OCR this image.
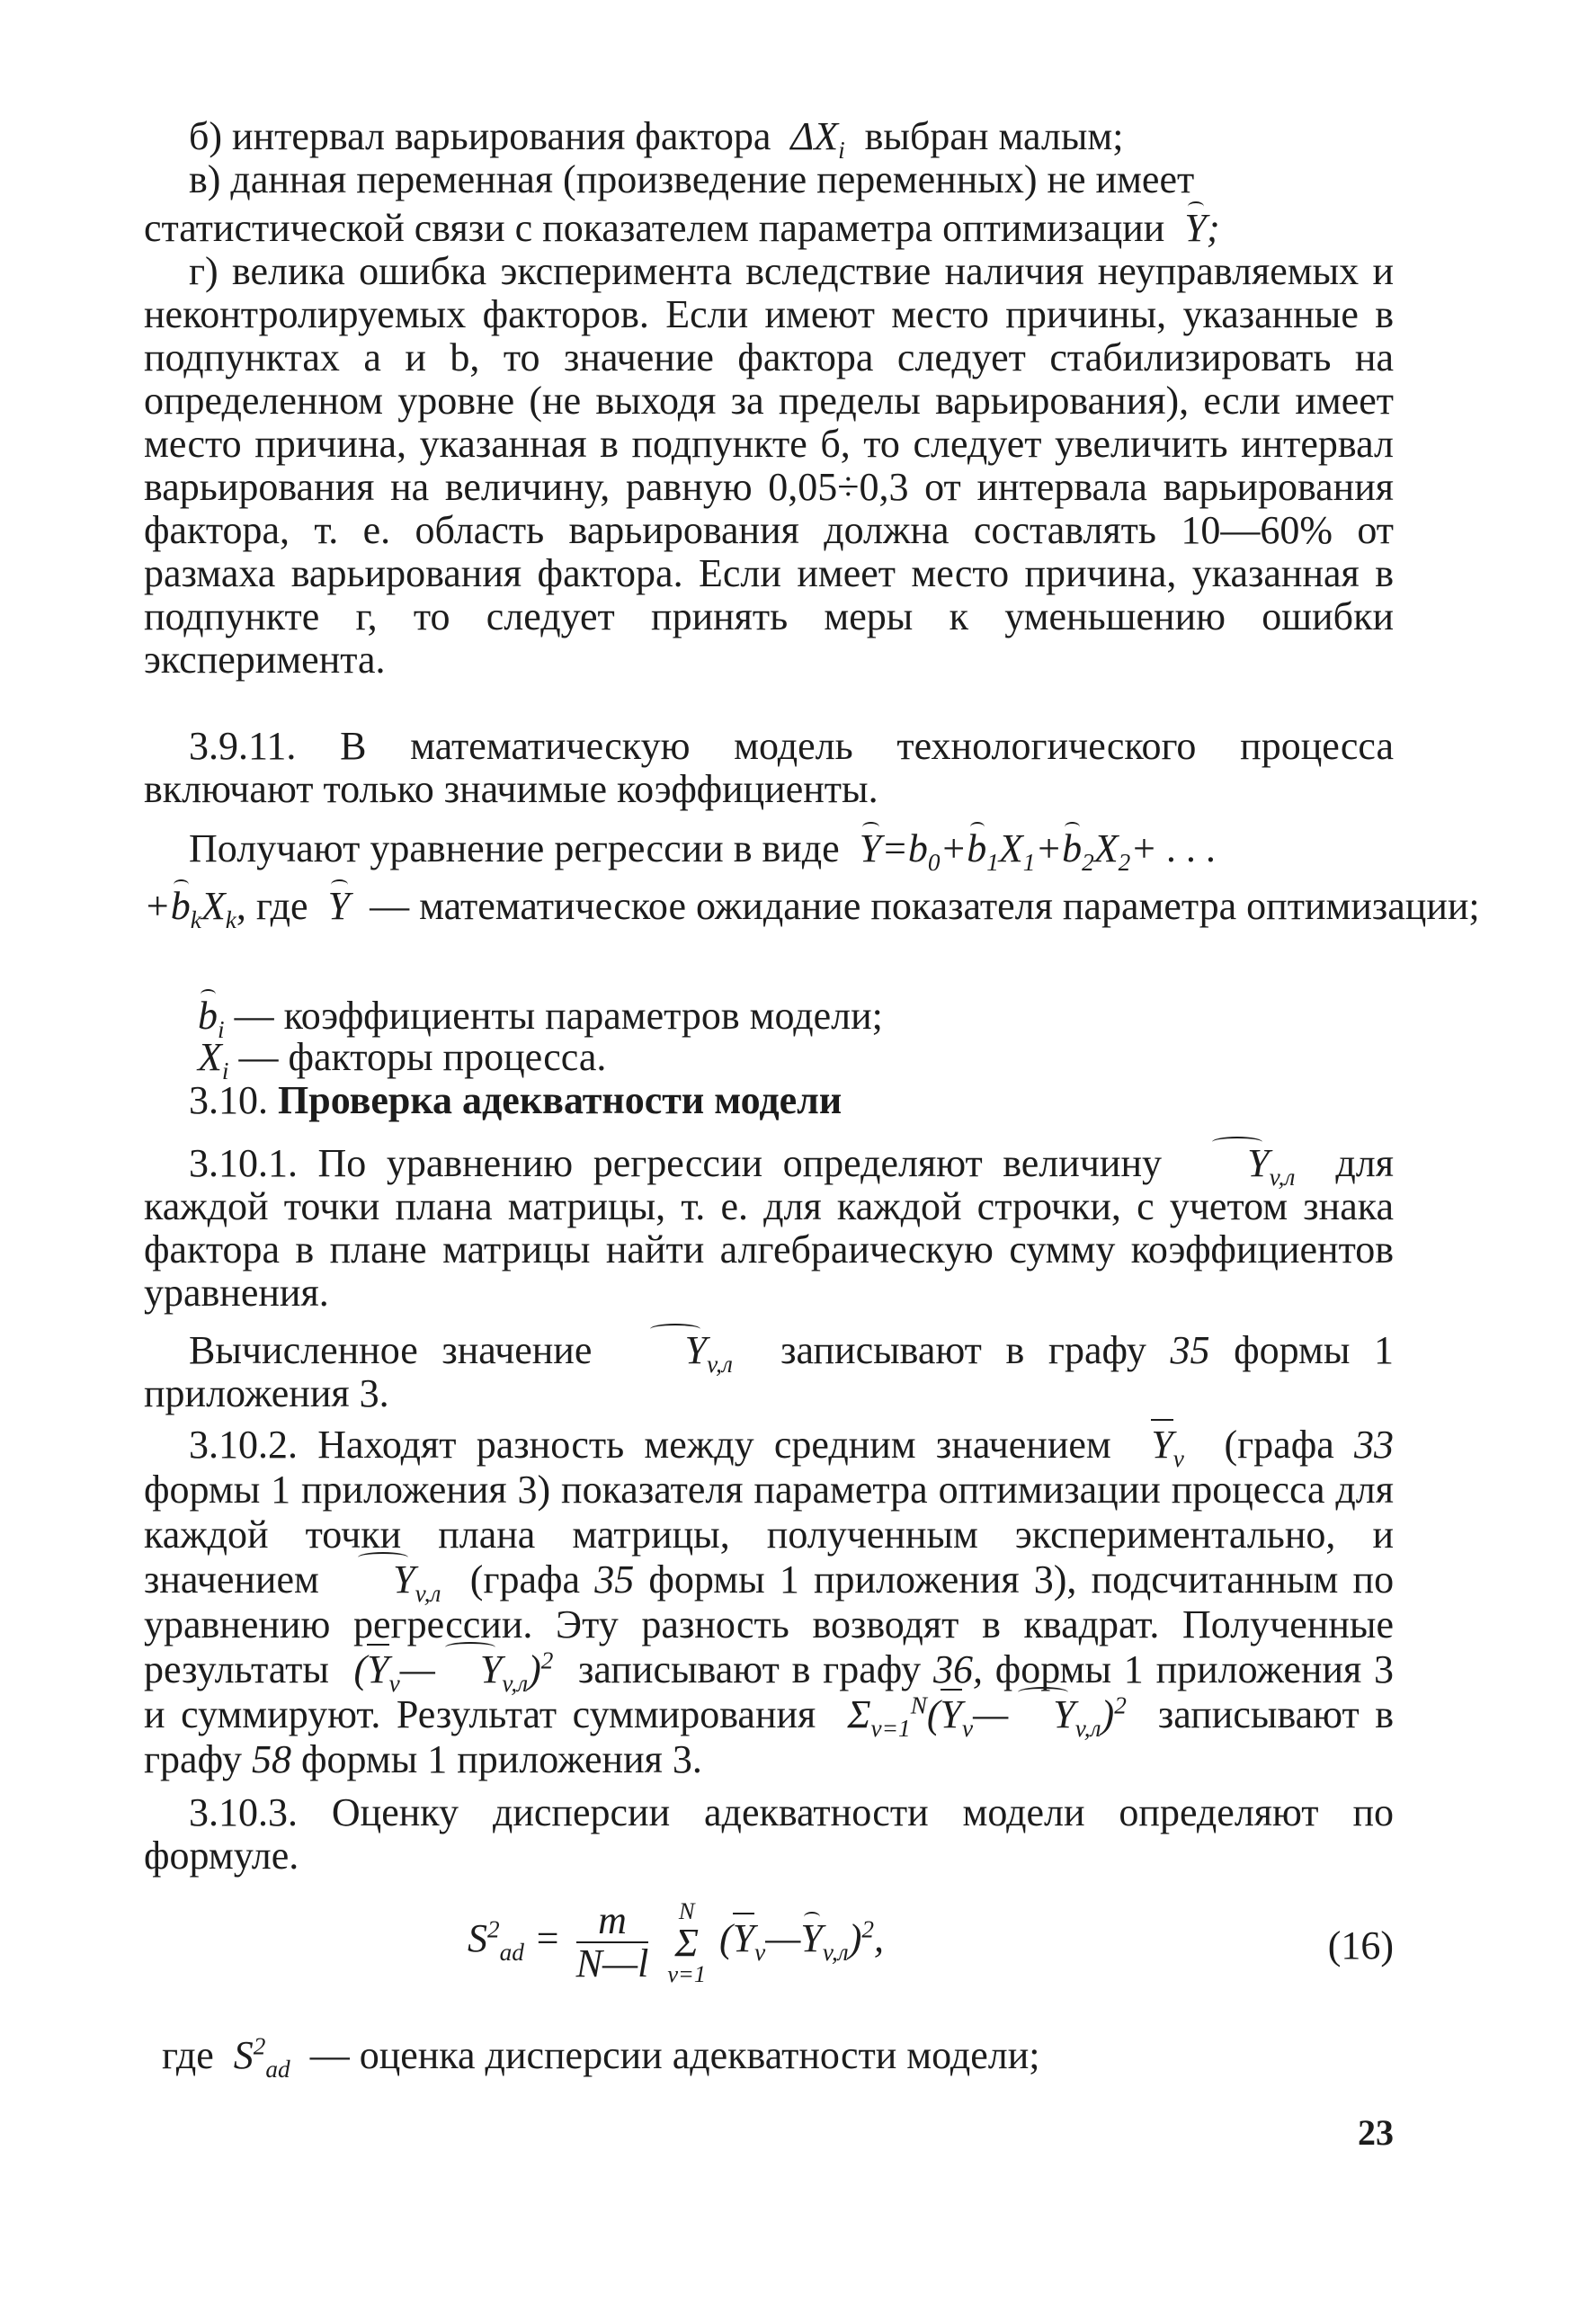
б) интервал варьирования фактора  $\Delta X_i$ выбран малым;
в) данная переменная (произведение переменных) не имеет
статистической связи с показателем параметра оптимизации Y;
г) велика ошибка эксперимента вследствие наличия неуправляемых и неконтролируемых факторов. Если имеют место причины, указанные в подпунктах a и b, то значение фактора следует стабилизировать на определенном уровне (не выходя за пределы варьирования), если имеет место причина, указанная в подпункте б, то следует увеличить интервал варьирования на величину, равную 0,05÷0,3 от интервала варьирования фактора, т. е. область варьирования должна составлять 10—60% от размаха варьирования фактора. Если имеет место причина, указанная в подпункте г, то следует принять меры к уменьшению ошибки эксперимента.
3.9.11. В математическую модель технологического процесса включают только значимые коэффициенты.
Получают уравнение регрессии в виде $Y=b_0+b_1X_1+b_2X_2+$ . . .
$+b_kX_k$, где Y — математическое ожидание показателя параметра оптимизации;
$b_i$ — коэффициенты параметров модели;
$X_i$ — факторы процесса.
3.10. Проверка адекватности модели
3.10.1. По уравнению регрессии определяют величину $Y_{v,л}$ для каждой точки плана матрицы, т. е. для каждой строчки, с учетом знака фактора в плане матрицы найти алгебраическую сумму коэффициентов уравнения.
Вычисленное значение $Y_{v,л}$ записывают в графу 35 формы 1 приложения 3.
3.10.2. Находят разность между средним значением $Y_v$ (графа 33 формы 1 приложения 3) показателя параметра оптимизации процесса для каждой точки плана матрицы, полученным экспериментально, и значением $Y_{v,л}$ (графа 35 формы 1 приложения 3), подсчитанным по уравнению регрессии. Эту разность возводят в квадрат. Полученные результаты  ($Y_v—$ $Y_{v,л})^2$ записывают в графу 36, формы 1 приложения 3 и суммируют. Результат суммирования  $\Sigma_{v=1}^N(Y_v—$ $Y_{v,л})^2$ записывают в графу 58 формы 1 приложения 3.
3.10.3. Оценку дисперсии адекватности модели определяют по формуле.
$S^2_{ad} = \frac{m}{N—l}$ N
Σ
v=1 $(Y_v—Y_{v,л})^2$,	(16)
где  $S^2_{ad}$ — оценка дисперсии адекватности модели;
23
